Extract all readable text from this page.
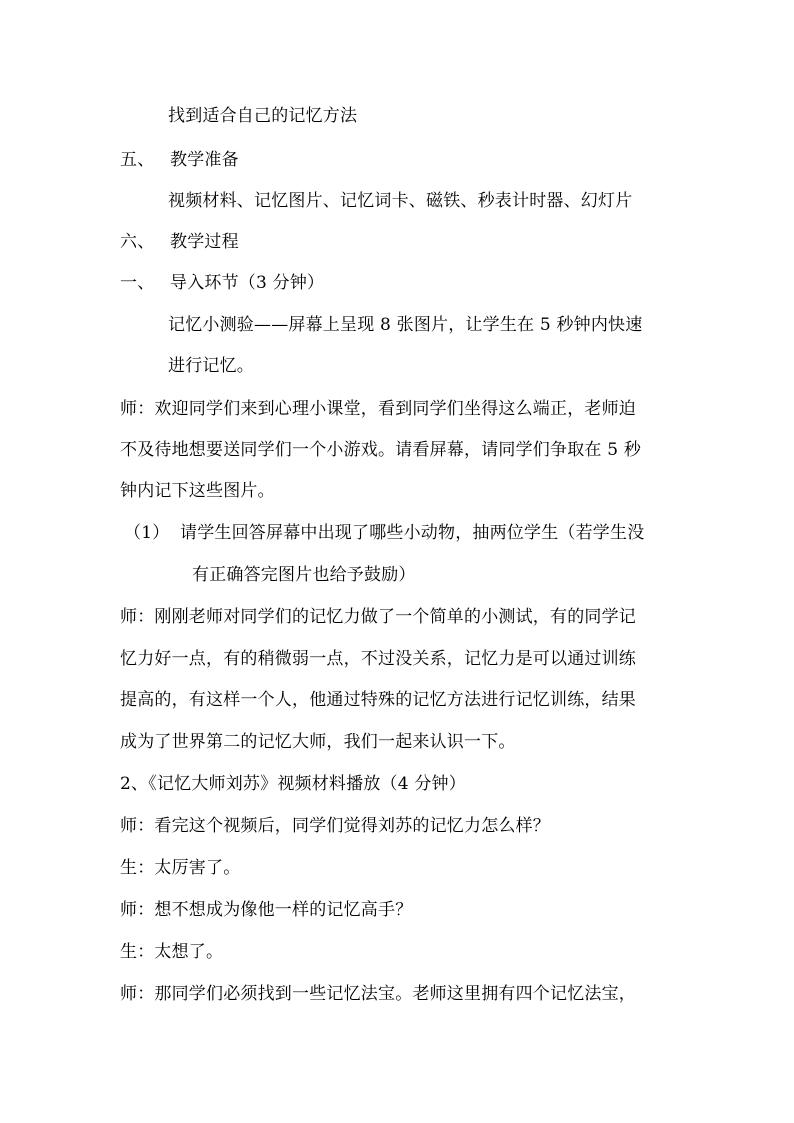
找到适合自己的记忆方法
五、 教学准备
视频材料、记忆图片、记忆词卡、磁铁、秒表计时器、幻灯片
六、 教学过程
一、 导入环节（3 分钟）
记忆小测验——屏幕上呈现 8 张图片，让学生在 5 秒钟内快速
进行记忆。
师：欢迎同学们来到心理小课堂，看到同学们坐得这么端正，老师迫
不及待地想要送同学们一个小游戏。请看屏幕，请同学们争取在 5 秒
钟内记下这些图片。
（1） 请学生回答屏幕中出现了哪些小动物，抽两位学生（若学生没
有正确答完图片也给予鼓励）
师：刚刚老师对同学们的记忆力做了一个简单的小测试，有的同学记
忆力好一点，有的稍微弱一点，不过没关系，记忆力是可以通过训练
提高的，有这样一个人，他通过特殊的记忆方法进行记忆训练，结果
成为了世界第二的记忆大师，我们一起来认识一下。
2、《记忆大师刘苏》视频材料播放（4 分钟）
师：看完这个视频后，同学们觉得刘苏的记忆力怎么样？
生：太厉害了。
师：想不想成为像他一样的记忆高手？
生：太想了。
师：那同学们必须找到一些记忆法宝。老师这里拥有四个记忆法宝，
